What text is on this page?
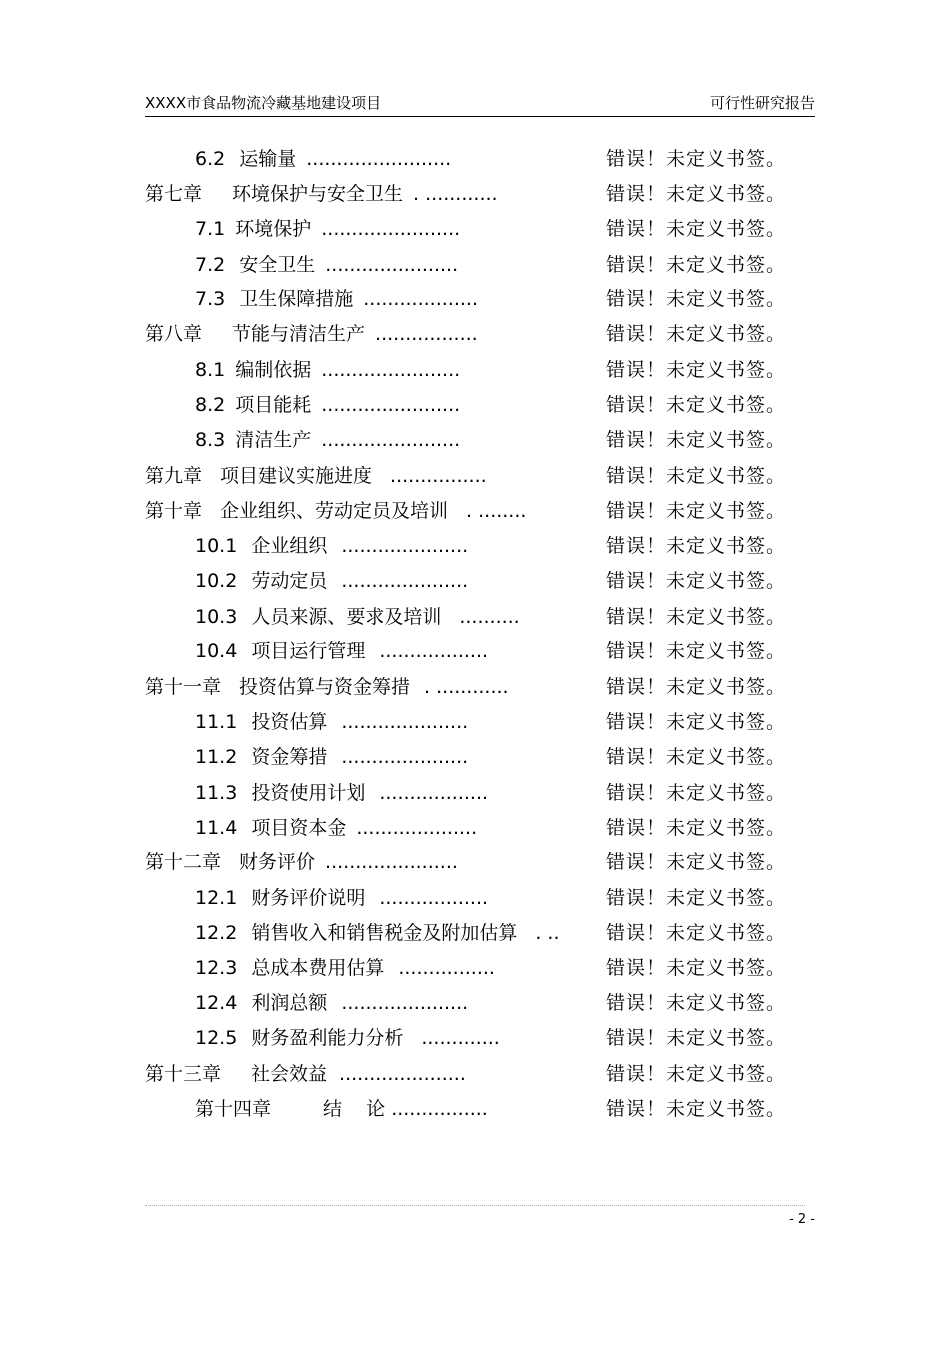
XXXX市食品物流冷藏基地建设项目	可行性研究报告
6.2 运输量 ........................	错误！未定义书签。
第七章 环境保护与安全卫生 . ............	错误！未定义书签。
7.1 环境保护 .......................	错误！未定义书签。
7.2 安全卫生 ......................	错误！未定义书签。
7.3 卫生保障措施 ...................	错误！未定义书签。
第八章 节能与清洁生产 .................	错误！未定义书签。
8.1 编制依据 .......................	错误！未定义书签。
8.2 项目能耗 .......................	错误！未定义书签。
8.3 清洁生产 .......................	错误！未定义书签。
第九章 项目建议实施进度 ................	错误！未定义书签。
第十章 企业组织、劳动定员及培训 . ........	错误！未定义书签。
10.1 企业组织 .....................	错误！未定义书签。
10.2 劳动定员 .....................	错误！未定义书签。
10.3 人员来源、要求及培训 ..........	错误！未定义书签。
10.4 项目运行管理 ..................	错误！未定义书签。
第十一章 投资估算与资金筹措 . ............	错误！未定义书签。
11.1 投资估算 .....................	错误！未定义书签。
11.2 资金筹措 .....................	错误！未定义书签。
11.3 投资使用计划 ..................	错误！未定义书签。
11.4 项目资本金 ....................	错误！未定义书签。
第十二章 财务评价 ......................	错误！未定义书签。
12.1 财务评价说明 ..................	错误！未定义书签。
12.2 销售收入和销售税金及附加估算 . .. 错误！未定义书签。
12.3 总成本费用估算 ................	错误！未定义书签。
12.4 利润总额 .....................	错误！未定义书签。
12.5 财务盈利能力分析 .............	错误！未定义书签。
第十三章 社会效益 .....................	错误！未定义书签。
第十四章	结    论 ................	错误！未定义书签。
- 2 -
